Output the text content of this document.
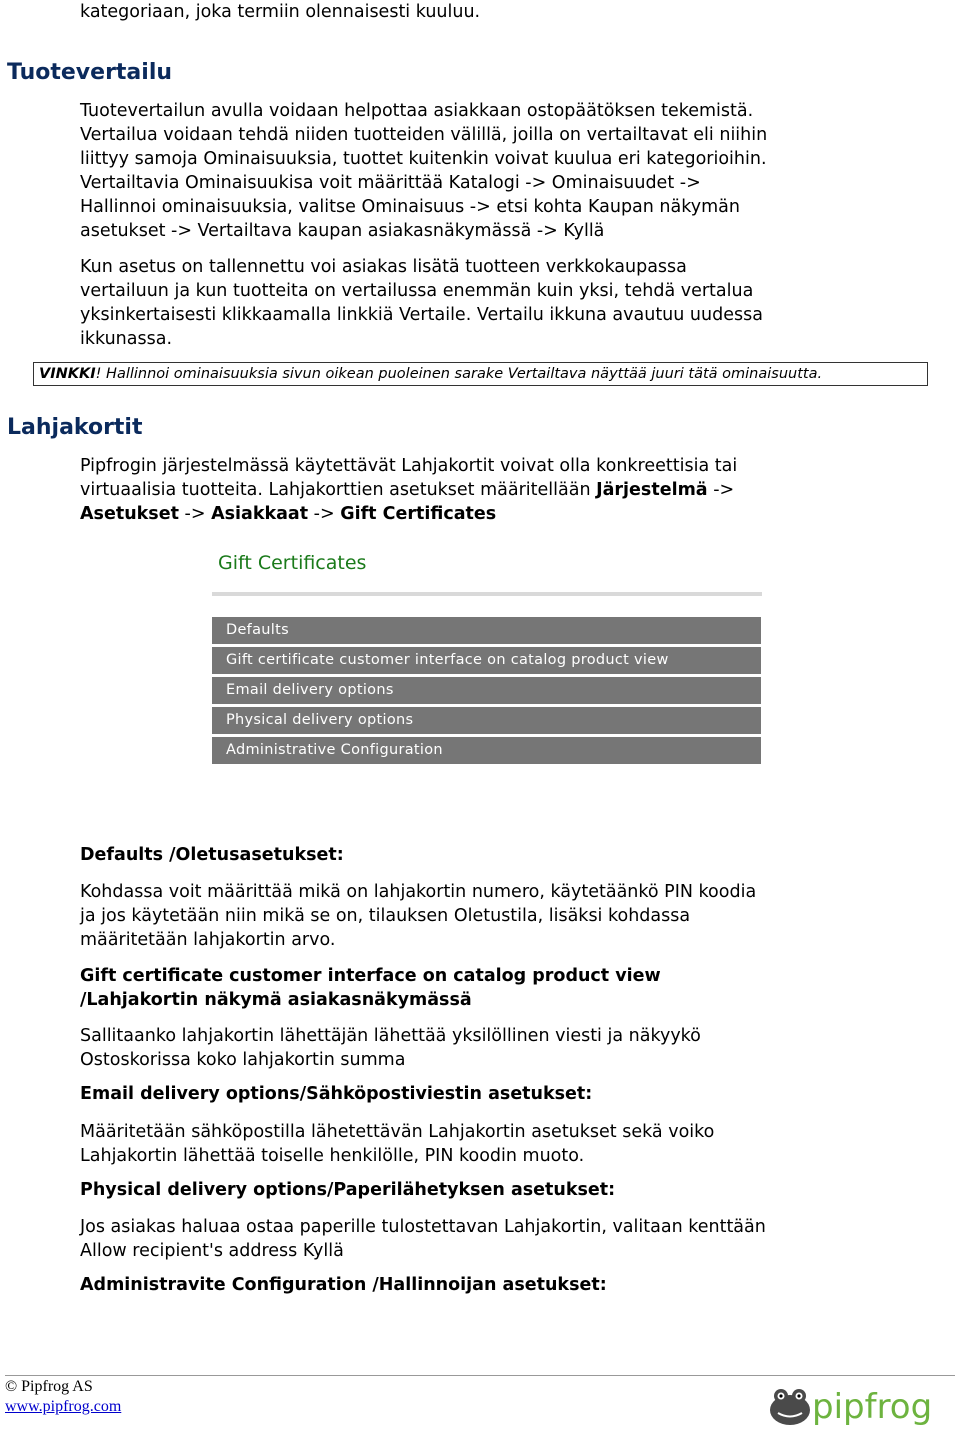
kategoriaan, joka termiin olennaisesti kuuluu.
Tuotevertailu
Tuotevertailun avulla voidaan helpottaa asiakkaan ostopäätöksen tekemistä.
Vertailua voidaan tehdä niiden tuotteiden välillä, joilla on vertailtavat eli niihin
liittyy samoja Ominaisuuksia, tuottet kuitenkin voivat kuulua eri kategorioihin.
Vertailtavia Ominaisuukisa voit määrittää Katalogi -> Ominaisuudet ->
Hallinnoi ominaisuuksia, valitse Ominaisuus -> etsi kohta Kaupan näkymän
asetukset -> Vertailtava kaupan asiakasnäkymässä -> Kyllä
Kun asetus on tallennettu voi asiakas lisätä tuotteen verkkokaupassa
vertailuun ja kun tuotteita on vertailussa enemmän kuin yksi, tehdä vertalua
yksinkertaisesti klikkaamalla linkkiä Vertaile. Vertailu ikkuna avautuu uudessa
ikkunassa.
VINKKI! Hallinnoi ominaisuuksia sivun oikean puoleinen sarake Vertailtava näyttää juuri tätä ominaisuutta.
Lahjakortit
Pipfrogin järjestelmässä käytettävät Lahjakortit voivat olla konkreettisia tai
virtuaalisia tuotteita. Lahjakorttien asetukset määritellään Järjestelmä ->
Asetukset -> Asiakkaat -> Gift Certificates
Gift Certificates
Defaults
Gift certificate customer interface on catalog product view
Email delivery options
Physical delivery options
Administrative Configuration
Defaults /Oletusasetukset:
Kohdassa voit määrittää mikä on lahjakortin numero, käytetäänkö PIN koodia
ja jos käytetään niin mikä se on, tilauksen Oletustila, lisäksi kohdassa
määritetään lahjakortin arvo.
Gift certificate customer interface on catalog product view
/Lahjakortin näkymä asiakasnäkymässä
Sallitaanko lahjakortin lähettäjän lähettää yksilöllinen viesti ja näkyykö
Ostoskorissa koko lahjakortin summa
Email delivery options/Sähköpostiviestin asetukset:
Määritetään sähköpostilla lähetettävän Lahjakortin asetukset sekä voiko
Lahjakortin lähettää toiselle henkilölle, PIN koodin muoto.
Physical delivery options/Paperilähetyksen asetukset:
Jos asiakas haluaa ostaa paperille tulostettavan Lahjakortin, valitaan kenttään
Allow recipient's address Kyllä
Administravite Configuration /Hallinnoijan asetukset:
© Pipfrog AS
www.pipfrog.com	pipfrog
